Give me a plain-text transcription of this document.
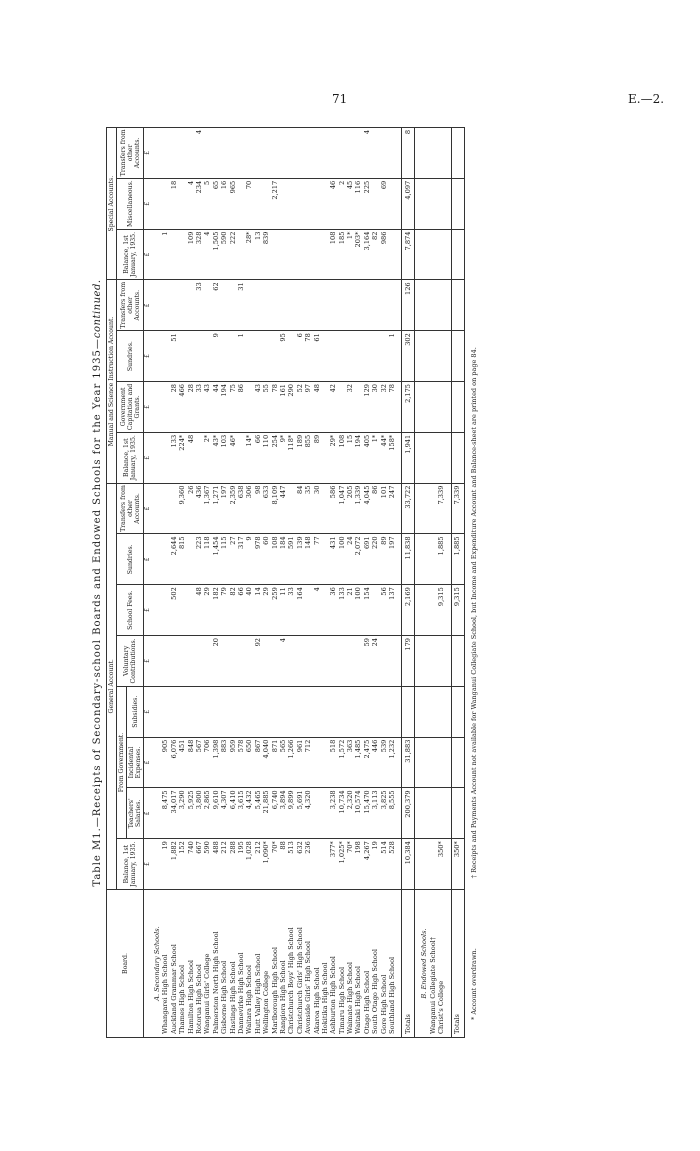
71	E.—2.
Table M1.—Receipts of Secondary-school Boards and Endowed Schools for the Year 1935—continued.
Board.	General Account.								Manual and Science Instruction Account.				Special Accounts.		
	Balance, 1st January, 1935.	From Government.			Voluntary Contributions.	School Fees.	Sundries.	Transfers from other Accounts.	Balance, 1st January, 1935.	Government Capitation and Grants.	Sundries.	Transfers from other Accounts.	Balance, 1st January, 1935.	Miscellaneous.	Transfers from other Accounts.
		Teachers' Salaries.	Incidental Expenses.	Subsidies.											
	£	£	£	£	£	£	£	£	£	£	£	£	£	£	£
A. Secondary Schools.															
Whangarei High School	19	8,475	905										1		
Auckland Grammar School	1,882	34,017	6,076			502	2,644		133	28	51			18	
Thames High School	152	3,290	451				815	9,360	224*	466					
Hamilton High School	740	5,925	848					26	48	28			109	4	
Rotorua High School	667	3,800	567			48	223	436		33		33	328	234	4
Wanganui Girls' College	590	2,865	706			29	118	1,367	2*	43			4	5	
Palmerston North High School	488	9,610	1,398		20	182	1,454	1,271	43*	44	9	62	1,505	65	
Gisborne High School	212	4,307	883			79	115	197	103	194			590	16	
Hastings High School	288	6,410	959			82	27	2,359	46*	75			222	965	
Dannevirke High School	195	3,615	578			66	317	638		86	1	31			
Waitara High School	1,028	4,432	650			40	9	306	14*				28*	70	
Hutt Valley High School	212	5,465	867		92	14	978	98	66	43			13		
Wellington College	1,090*	21,885	4,040			29	60	633	110	55			839		
Marlborough High School	70*	6,740	871			259	108	8,109	254	78				2,217	
Rangiora High School	88	3,894	565		4	11	184	447	9*	161	95				
Christchurch Boys' High School	513	9,899	1,266			33	591		118*	290					
Christchurch Girls' High School	632	5,691	961			164	139	84	189	52	6				
Avonside Girls' High School	236	4,320	712				148	35	855	97	78				
Akaroa High School						4	77	30	89	48	61				
Hokitika High School															
Ashburton High School	377*	3,238	518			36	431	586	29*	42			108	46	
Timaru High School	1,025*	10,734	1,572			133	100	1,047	108				185	2	
Waimate High School	70*	2,320	363			21	24	205	15	32			1*	45	
Waitaki High School	198	10,574	1,485			100	2,072	1,339	194				203*	116	
Otago High School	4,267	15,470	2,475		59	154	691	4,045	405	129			3,164	225	4
South Otago High School	19	3,113	446		24		220	86	1*	30			82		
Gore High School	514	3,825	539			56	89	101	44*	32			986	69	
Southland High School	528	8,555	1,232			137	197	247	158*	78	1				

Totals	10,384	200,379	31,883		179	2,169	11,838	33,722	1,941	2,175	302	126	7,874	4,097	8

B. Endowed Schools.															
Wanganui Collegiate School†															
Christ's College	350*					9,315	1,885	7,339							

Totals	350*					9,315	1,885	7,339							
* Account overdrawn.
† Receipts and Payments Account not available for Wanganui Collegiate School, but Income and Expenditure Account and Balance-sheet are printed on page 84.
